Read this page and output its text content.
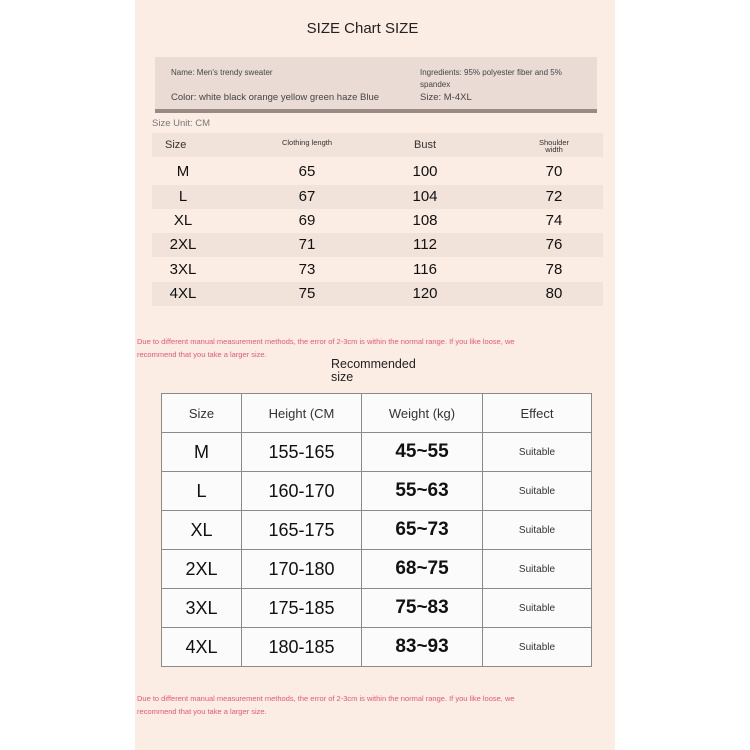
SIZE Chart SIZE
Name: Men's trendy sweater
Color: white black orange yellow green haze Blue
Ingredients: 95% polyester fiber and 5% spandex
Size: M-4XL
Size Unit: CM
Size	Clothing length	Bust	Shoulder width
M	65	100	70
L	67	104	72
XL	69	108	74
2XL	71	112	76
3XL	73	116	78
4XL	75	120	80
Due to different manual measurement methods, the error of 2-3cm is within the normal range. If you like loose, we recommend that you take a larger size.
Recommended size
Size	Height (CM	Weight (kg)	Effect
M	155-165	45~55	Suitable
L	160-170	55~63	Suitable
XL	165-175	65~73	Suitable
2XL	170-180	68~75	Suitable
3XL	175-185	75~83	Suitable
4XL	180-185	83~93	Suitable
Due to different manual measurement methods, the error of 2-3cm is within the normal range. If you like loose, we recommend that you take a larger size.
